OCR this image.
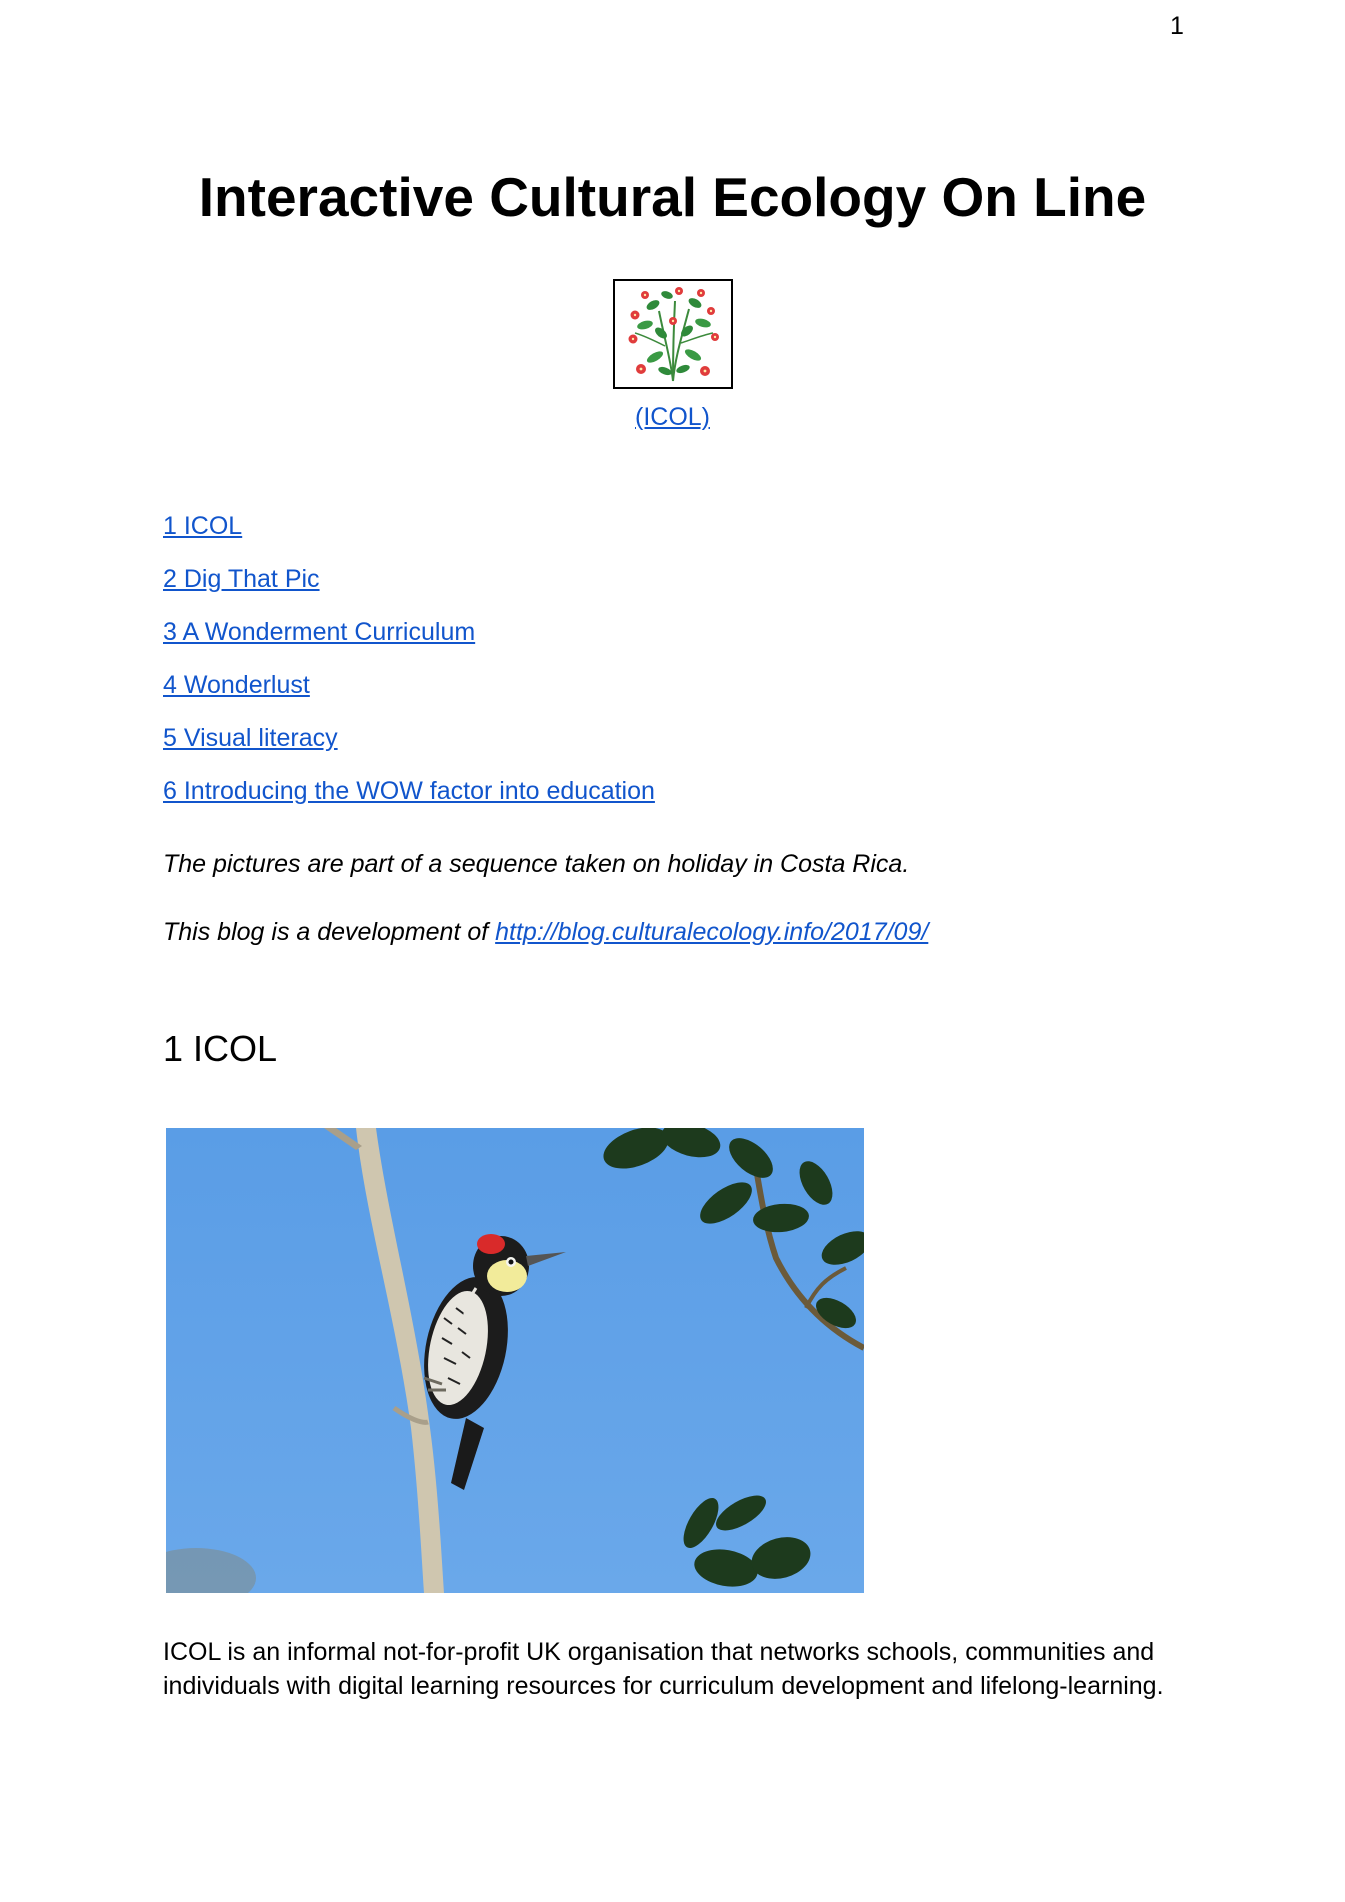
1
Interactive Cultural Ecology On Line
(ICOL)
1 ICOL
2 Dig That Pic
3 A Wonderment Curriculum
4 Wonderlust
5 Visual literacy
6 Introducing the WOW factor into education
The pictures are part of a sequence taken on holiday in Costa Rica.
This blog is a development of http://blog.culturalecology.info/2017/09/
1 ICOL

ICOL is an informal not-for-profit UK organisation that networks schools, communities and individuals with digital learning resources for curriculum development and lifelong-learning.
